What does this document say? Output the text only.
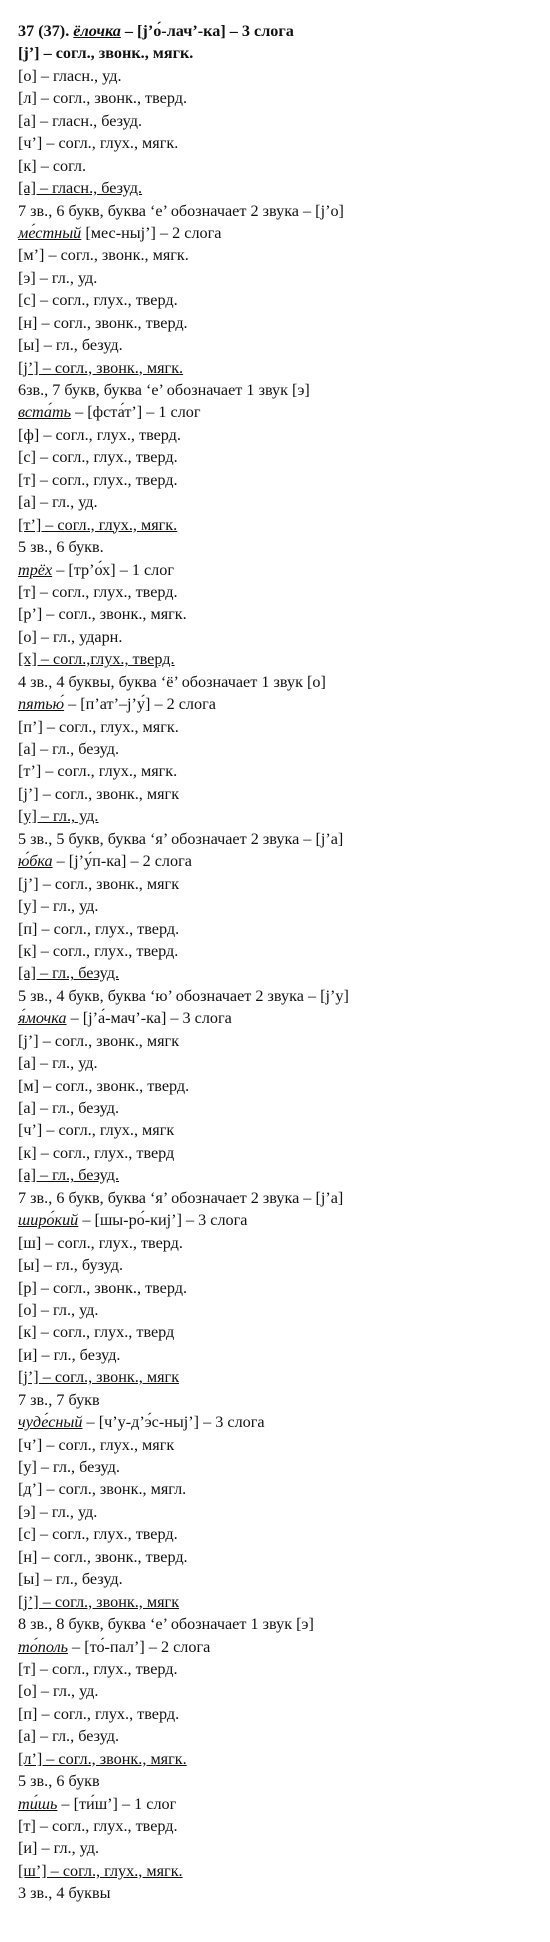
37 (37). ёлочка – [j’о́-лач’-ка] – 3 слога
[j’] – согл., звонк., мягк.
[о] – гласн., уд.
[л] – согл., звонк., тверд.
[а] – гласн., безуд.
[ч’] – согл., глух., мягк.
[к] – согл.
[а] – гласн., безуд.
7 зв., 6 букв, буква ‘е’ обозначает 2 звука – [j’о]
ме́стный [мес-ныj’] – 2 слога
[м’] – согл., звонк., мягк.
[э] – гл., уд.
[с] – согл., глух., тверд.
[н] – согл., звонк., тверд.
[ы] – гл., безуд.
[j’] – согл., звонк., мягк.
6зв., 7 букв, буква ‘е’ обозначает 1 звук [э]
вста́ть – [фста́т’] – 1 слог
[ф] – согл., глух., тверд.
[с] – согл., глух., тверд.
[т] – согл., глух., тверд.
[а] – гл., уд.
[т’] – согл., глух., мягк.
5 зв., 6 букв.
трёх – [тр’о́х] – 1 слог
[т] – согл., глух., тверд.
[р’] – согл., звонк., мягк.
[о] – гл., ударн.
[х] – согл.,глух., тверд.
4 зв., 4 буквы, буква ‘ё’ обозначает 1 звук [о]
пятью́ – [п’ат’–j’у́] – 2 слога
[п’] – согл., глух., мягк.
[а] – гл., безуд.
[т’] – согл., глух., мягк.
[j’] – согл., звонк., мягк
[у] – гл., уд.
5 зв., 5 букв, буква ‘я’ обозначает 2 звука – [j’а]
ю́бка – [j’у́п-ка] – 2 слога
[j’] – согл., звонк., мягк
[у] – гл., уд.
[п] – согл., глух., тверд.
[к] – согл., глух., тверд.
[а] – гл., безуд.
5 зв., 4 букв, буква ‘ю’ обозначает 2 звука – [j’у]
я́мочка – [j’а́-мач’-ка] – 3 слога
[j’] – согл., звонк., мягк
[а] – гл., уд.
[м] – согл., звонк., тверд.
[а] – гл., безуд.
[ч’] – согл., глух., мягк
[к] – согл., глух., тверд
[а] – гл., безуд.
7 зв., 6 букв, буква ‘я’ обозначает 2 звука – [j’а]
широ́кий – [шы-ро́-киj’] – 3 слога
[ш] – согл., глух., тверд.
[ы] – гл., бузуд.
[р] – согл., звонк., тверд.
[о] – гл., уд.
[к] – согл., глух., тверд
[и] – гл., безуд.
[j’] – согл., звонк., мягк
7 зв., 7 букв
чуде́сный – [ч’у-д’э́с-ныj’] – 3 слога
[ч’] – согл., глух., мягк
[у] – гл., безуд.
[д’] – согл., звонк., мягл.
[э] – гл., уд.
[с] – согл., глух., тверд.
[н] – согл., звонк., тверд.
[ы] – гл., безуд.
[j’] – согл., звонк., мягк
8 зв., 8 букв, буква ‘е’ обозначает 1 звук [э]
то́поль – [то́-пал’] – 2 слога
[т] – согл., глух., тверд.
[о] – гл., уд.
[п] – согл., глух., тверд.
[а] – гл., безуд.
[л’] – согл., звонк., мягк.
5 зв., 6 букв
ти́шь – [ти́ш’] – 1 слог
[т] – согл., глух., тверд.
[и] – гл., уд.
[ш’] – согл., глух., мягк.
3 зв., 4 буквы
